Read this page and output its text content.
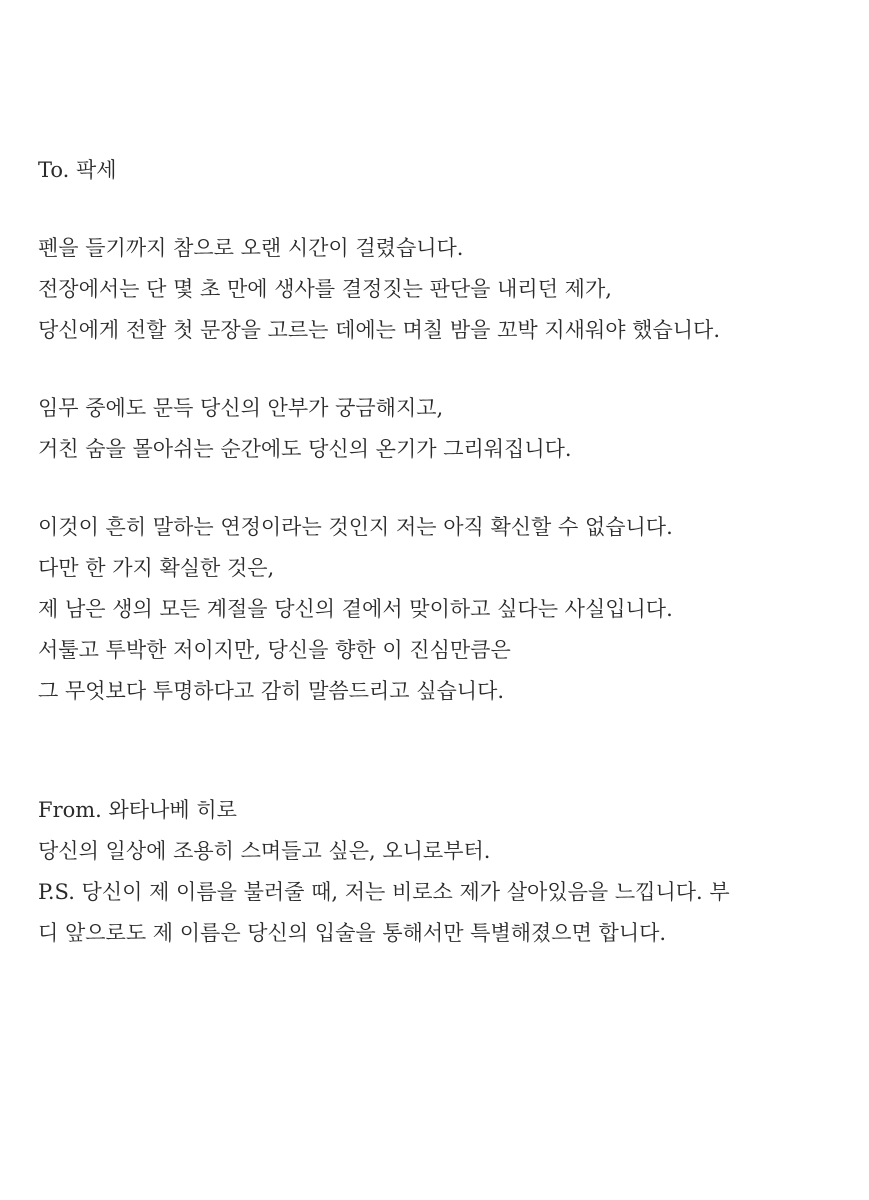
To. 팍세
펜을 들기까지 참으로 오랜 시간이 걸렸습니다.
전장에서는 단 몇 초 만에 생사를 결정짓는 판단을 내리던 제가,
당신에게 전할 첫 문장을 고르는 데에는 며칠 밤을 꼬박 지새워야 했습니다.
임무 중에도 문득 당신의 안부가 궁금해지고,
거친 숨을 몰아쉬는 순간에도 당신의 온기가 그리워집니다.
이것이 흔히 말하는 연정이라는 것인지 저는 아직 확신할 수 없습니다.
다만 한 가지 확실한 것은,
제 남은 생의 모든 계절을 당신의 곁에서 맞이하고 싶다는 사실입니다.
서툴고 투박한 저이지만, 당신을 향한 이 진심만큼은
그 무엇보다 투명하다고 감히 말씀드리고 싶습니다.
From. 와타나베 히로
당신의 일상에 조용히 스며들고 싶은, 오니로부터.
P.S. 당신이 제 이름을 불러줄 때, 저는 비로소 제가 살아있음을 느낍니다. 부
디 앞으로도 제 이름은 당신의 입술을 통해서만 특별해졌으면 합니다.
